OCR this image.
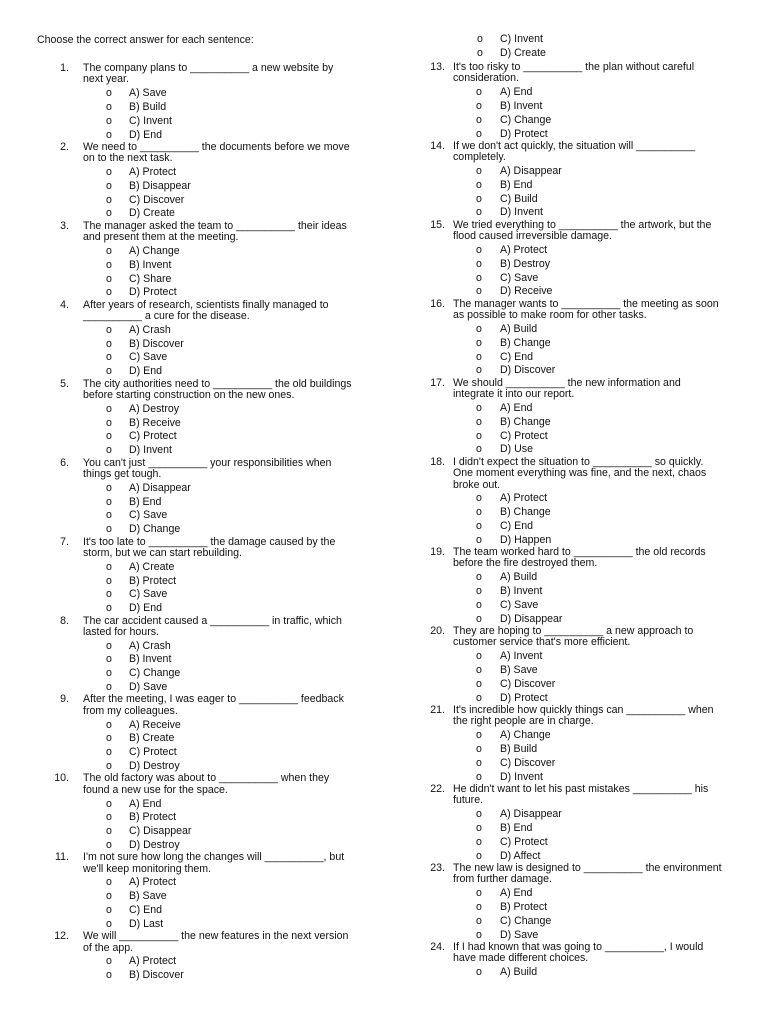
Choose the correct answer for each sentence:
1. The company plans to __________ a new website by
next year.
o A) Save
o B) Build
o C) Invent
o D) End
2. We need to __________ the documents before we move
on to the next task.
o A) Protect
o B) Disappear
o C) Discover
o D) Create
3. The manager asked the team to __________ their ideas
and present them at the meeting.
o A) Change
o B) Invent
o C) Share
o D) Protect
4. After years of research, scientists finally managed to
__________ a cure for the disease.
o A) Crash
o B) Discover
o C) Save
o D) End
5. The city authorities need to __________ the old buildings
before starting construction on the new ones.
o A) Destroy
o B) Receive
o C) Protect
o D) Invent
6. You can't just __________ your responsibilities when
things get tough.
o A) Disappear
o B) End
o C) Save
o D) Change
7. It's too late to __________ the damage caused by the
storm, but we can start rebuilding.
o A) Create
o B) Protect
o C) Save
o D) End
8. The car accident caused a __________ in traffic, which
lasted for hours.
o A) Crash
o B) Invent
o C) Change
o D) Save
9. After the meeting, I was eager to __________ feedback
from my colleagues.
o A) Receive
o B) Create
o C) Protect
o D) Destroy
10. The old factory was about to __________ when they
found a new use for the space.
o A) End
o B) Protect
o C) Disappear
o D) Destroy
11. I'm not sure how long the changes will __________, but
we'll keep monitoring them.
o A) Protect
o B) Save
o C) End
o D) Last
12. We will __________ the new features in the next version
of the app.
o A) Protect
o B) Discover
o C) Invent
o D) Create
13. It's too risky to __________ the plan without careful
consideration.
o A) End
o B) Invent
o C) Change
o D) Protect
14. If we don't act quickly, the situation will __________
completely.
o A) Disappear
o B) End
o C) Build
o D) Invent
15. We tried everything to __________ the artwork, but the
flood caused irreversible damage.
o A) Protect
o B) Destroy
o C) Save
o D) Receive
16. The manager wants to __________ the meeting as soon
as possible to make room for other tasks.
o A) Build
o B) Change
o C) End
o D) Discover
17. We should __________ the new information and
integrate it into our report.
o A) End
o B) Change
o C) Protect
o D) Use
18. I didn't expect the situation to __________ so quickly.
One moment everything was fine, and the next, chaos
broke out.
o A) Protect
o B) Change
o C) End
o D) Happen
19. The team worked hard to __________ the old records
before the fire destroyed them.
o A) Build
o B) Invent
o C) Save
o D) Disappear
20. They are hoping to __________ a new approach to
customer service that's more efficient.
o A) Invent
o B) Save
o C) Discover
o D) Protect
21. It's incredible how quickly things can __________ when
the right people are in charge.
o A) Change
o B) Build
o C) Discover
o D) Invent
22. He didn't want to let his past mistakes __________ his
future.
o A) Disappear
o B) End
o C) Protect
o D) Affect
23. The new law is designed to __________ the environment
from further damage.
o A) End
o B) Protect
o C) Change
o D) Save
24. If I had known that was going to __________, I would
have made different choices.
o A) Build
